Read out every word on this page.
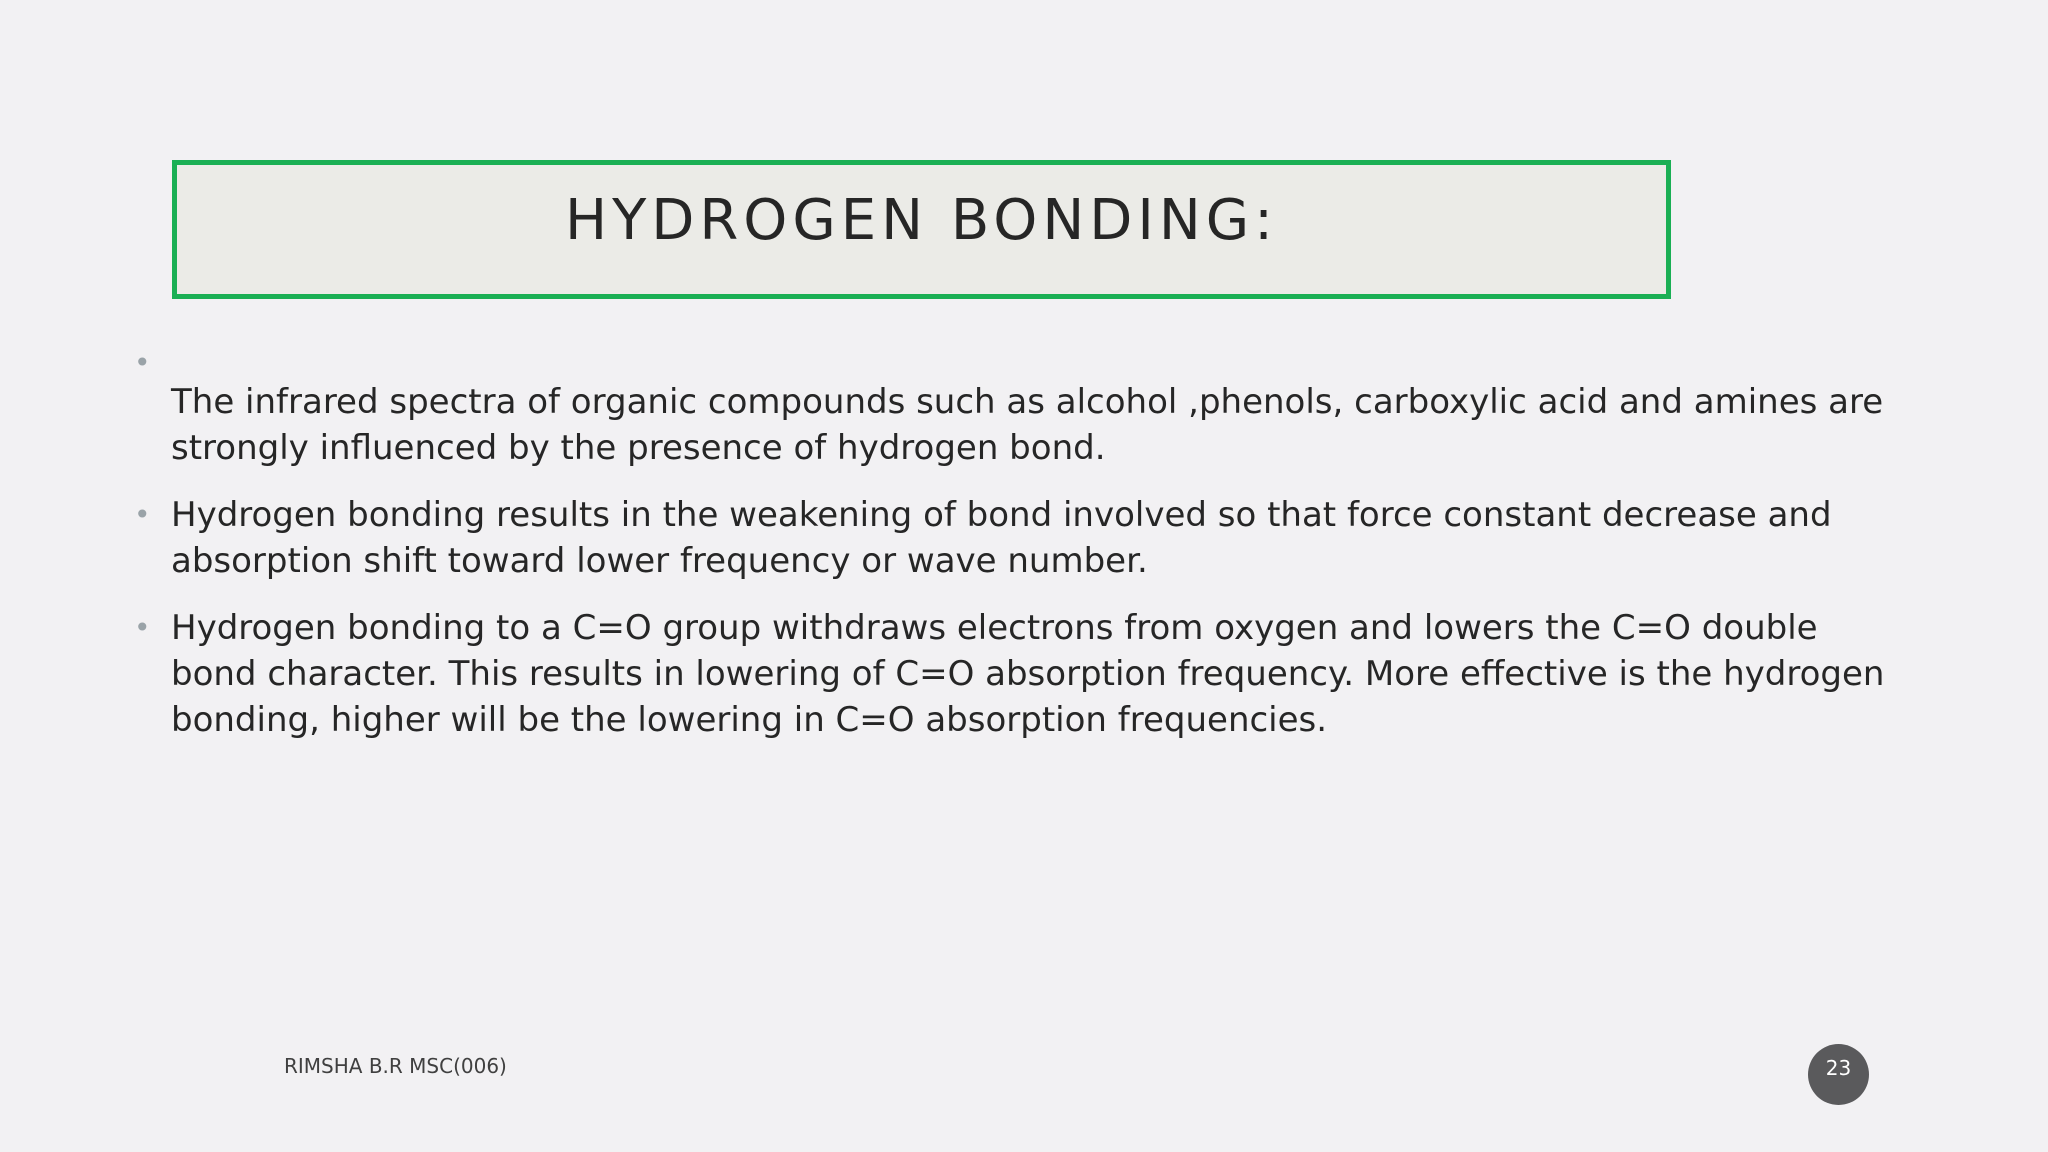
HYDROGEN BONDING:
•
The infrared spectra of organic compounds such as alcohol ,phenols, carboxylic acid and amines are strongly influenced by the presence of hydrogen bond.
• Hydrogen bonding results in the weakening of bond involved so that force constant decrease and absorption shift toward lower frequency or wave number.
• Hydrogen bonding to a C=O group withdraws electrons from oxygen and lowers the C=O double bond character. This results in lowering of C=O absorption frequency. More effective is the hydrogen bonding, higher will be the lowering in C=O absorption frequencies.
RIMSHA B.R MSC(006)	23
